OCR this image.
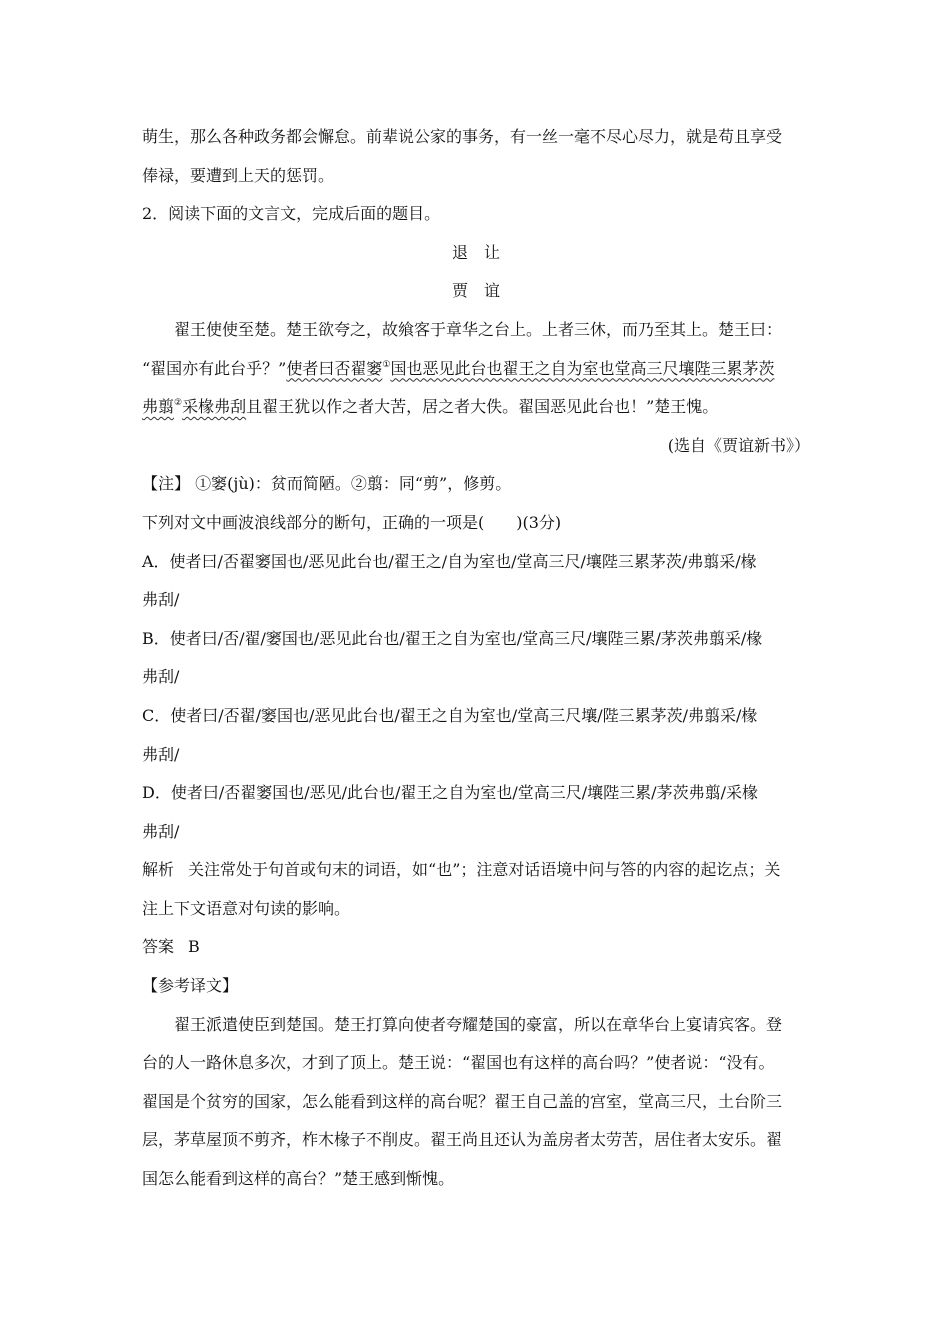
萌生，那么各种政务都会懈怠。前辈说公家的事务，有一丝一毫不尽心尽力，就是苟且享受

俸禄，要遭到上天的惩罚。

2．阅读下面的文言文，完成后面的题目。

退　让

贾　谊

翟王使使至楚。楚王欲夸之，故飨客于章华之台上。上者三休，而乃至其上。楚王曰：

“翟国亦有此台乎？”使者曰否翟窭①国也恶见此台也翟王之自为室也堂高三尺壤陛三累茅茨

弗翦②采椽弗刮且翟王犹以作之者大苦，居之者大佚。翟国恶见此台也！”楚王愧。

(选自《贾谊新书》）

【注】 ①窭(jù)：贫而简陋。②翦：同“剪”，修剪。

下列对文中画波浪线部分的断句，正确的一项是(　　)(3分)

A．使者曰/否翟窭国也/恶见此台也/翟王之/自为室也/堂高三尺/壤陛三累茅茨/弗翦采/椽

弗刮/

B．使者曰/否/翟/窭国也/恶见此台也/翟王之自为室也/堂高三尺/壤陛三累/茅茨弗翦采/椽

弗刮/

C．使者曰/否翟/窭国也/恶见此台也/翟王之自为室也/堂高三尺壤/陛三累茅茨/弗翦采/椽

弗刮/

D．使者曰/否翟窭国也/恶见/此台也/翟王之自为室也/堂高三尺/壤陛三累/茅茨弗翦/采椽

弗刮/

解析 关注常处于句首或句末的词语，如“也”；注意对话语境中问与答的内容的起讫点；关

注上下文语意对句读的影响。

答案 B

【参考译文】

翟王派遣使臣到楚国。楚王打算向使者夸耀楚国的豪富，所以在章华台上宴请宾客。登

台的人一路休息多次，才到了顶上。楚王说：“翟国也有这样的高台吗？”使者说：“没有。

翟国是个贫穷的国家，怎么能看到这样的高台呢？翟王自己盖的宫室，堂高三尺，土台阶三

层，茅草屋顶不剪齐，柞木椽子不削皮。翟王尚且还认为盖房者太劳苦，居住者太安乐。翟

国怎么能看到这样的高台？”楚王感到惭愧。
